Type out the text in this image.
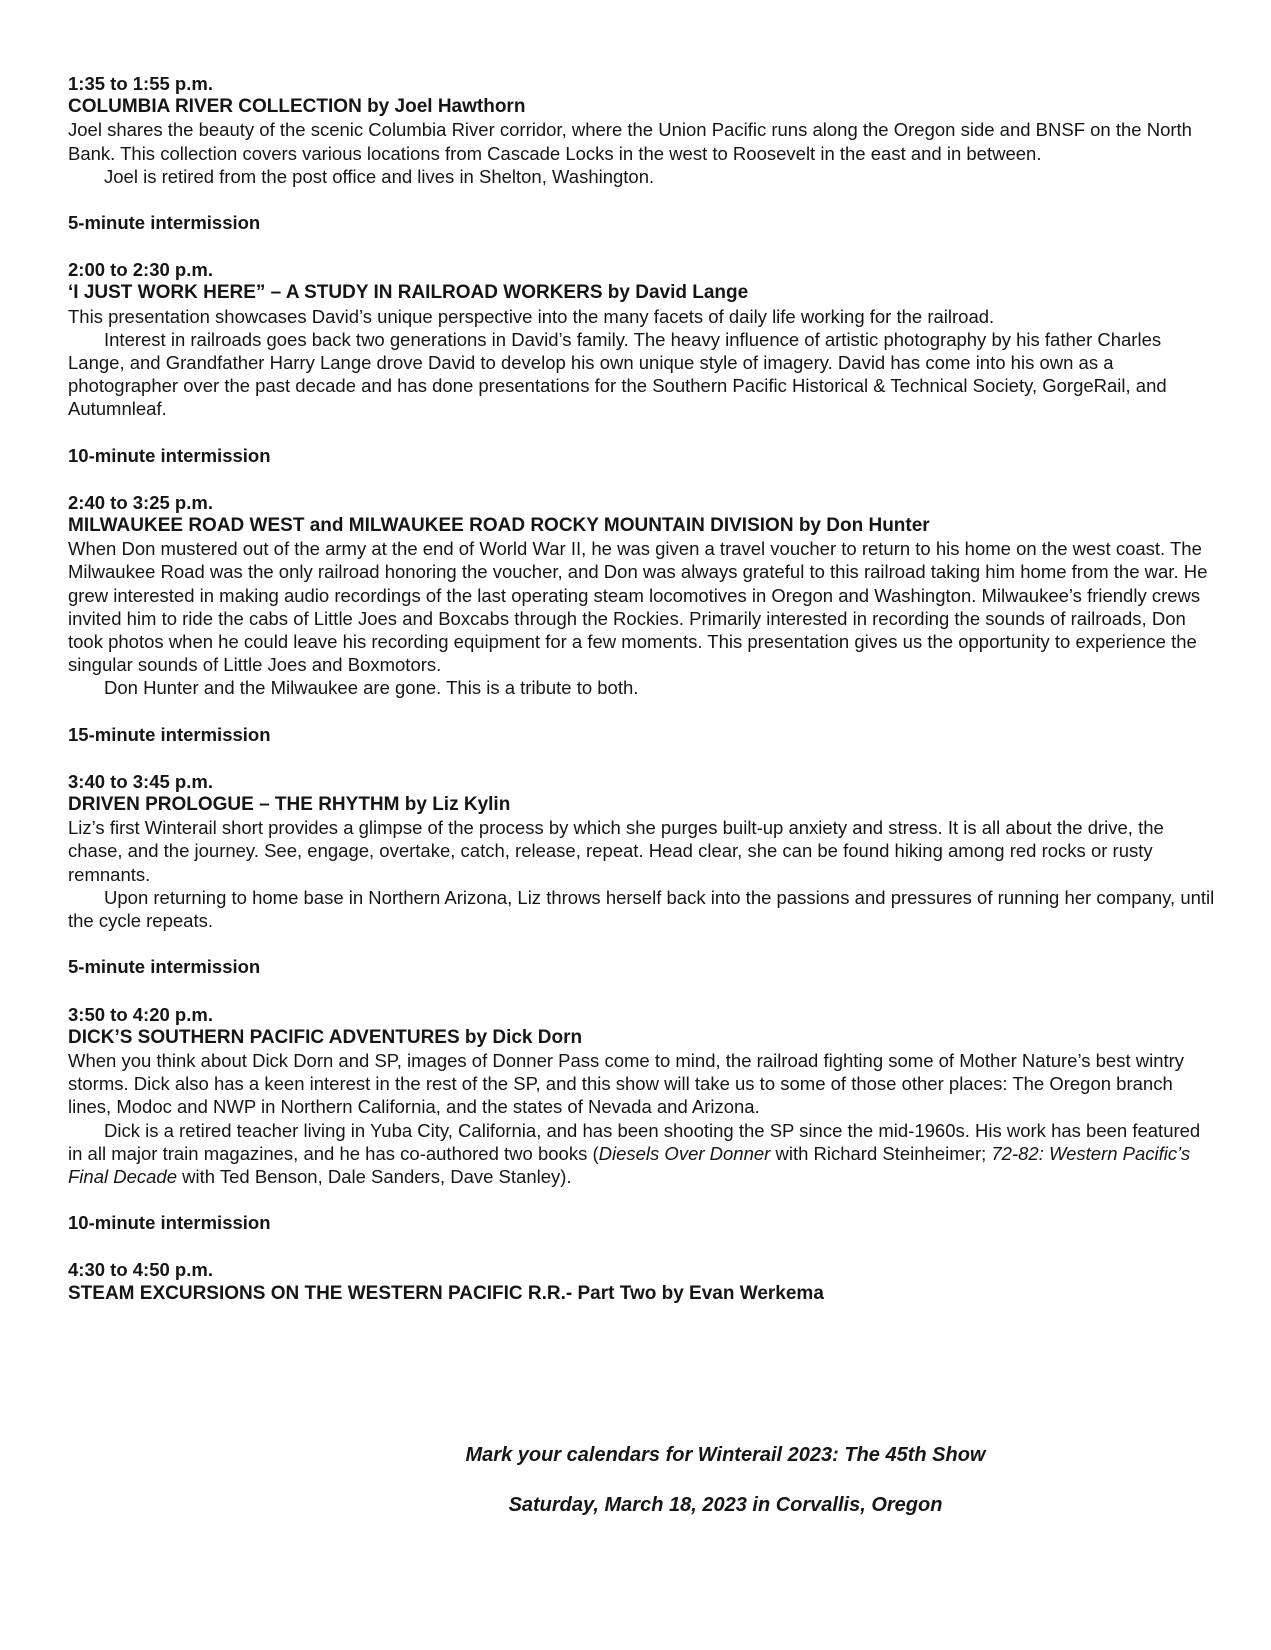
1:35 to 1:55 p.m.
COLUMBIA RIVER COLLECTION by Joel Hawthorn

Joel shares the beauty of the scenic Columbia River corridor, where the Union Pacific runs along the Oregon side and BNSF on the North Bank. This collection covers various locations from Cascade Locks in the west to Roosevelt in the east and in between.

Joel is retired from the post office and lives in Shelton, Washington.

5-minute intermission
2:00 to 2:30 p.m.
‘I JUST WORK HERE” – A STUDY IN RAILROAD WORKERS by David Lange

This presentation showcases David’s unique perspective into the many facets of daily life working for the railroad.

Interest in railroads goes back two generations in David’s family. The heavy influence of artistic photography by his father Charles Lange, and Grandfather Harry Lange drove David to develop his own unique style of imagery. David has come into his own as a photographer over the past decade and has done presentations for the Southern Pacific Historical & Technical Society, GorgeRail, and Autumnleaf.

10-minute intermission
2:40 to 3:25 p.m.
MILWAUKEE ROAD WEST and MILWAUKEE ROAD ROCKY MOUNTAIN DIVISION by Don Hunter

When Don mustered out of the army at the end of World War II, he was given a travel voucher to return to his home on the west coast. The Milwaukee Road was the only railroad honoring the voucher, and Don was always grateful to this railroad taking him home from the war. He grew interested in making audio recordings of the last operating steam locomotives in Oregon and Washington. Milwaukee’s friendly crews invited him to ride the cabs of Little Joes and Boxcabs through the Rockies. Primarily interested in recording the sounds of railroads, Don took photos when he could leave his recording equipment for a few moments. This presentation gives us the opportunity to experience the singular sounds of Little Joes and Boxmotors.

Don Hunter and the Milwaukee are gone. This is a tribute to both.

15-minute intermission
3:40 to 3:45 p.m.
DRIVEN PROLOGUE – THE RHYTHM by Liz Kylin

Liz’s first Winterail short provides a glimpse of the process by which she purges built-up anxiety and stress. It is all about the drive, the chase, and the journey. See, engage, overtake, catch, release, repeat. Head clear, she can be found hiking among red rocks or rusty remnants.

Upon returning to home base in Northern Arizona, Liz throws herself back into the passions and pressures of running her company, until the cycle repeats.

5-minute intermission
3:50 to 4:20 p.m.
DICK’S SOUTHERN PACIFIC ADVENTURES by Dick Dorn

When you think about Dick Dorn and SP, images of Donner Pass come to mind, the railroad fighting some of Mother Nature’s best wintry storms. Dick also has a keen interest in the rest of the SP, and this show will take us to some of those other places: The Oregon branch lines, Modoc and NWP in Northern California, and the states of Nevada and Arizona.

Dick is a retired teacher living in Yuba City, California, and has been shooting the SP since the mid-1960s. His work has been featured in all major train magazines, and he has co-authored two books (Diesels Over Donner with Richard Steinheimer; 72-82: Western Pacific’s Final Decade with Ted Benson, Dale Sanders, Dave Stanley).

10-minute intermission
4:30 to 4:50 p.m.
STEAM EXCURSIONS ON THE WESTERN PACIFIC R.R.- Part Two by Evan Werkema
Mark your calendars for Winterail 2023: The 45th Show
Saturday, March 18, 2023 in Corvallis, Oregon
